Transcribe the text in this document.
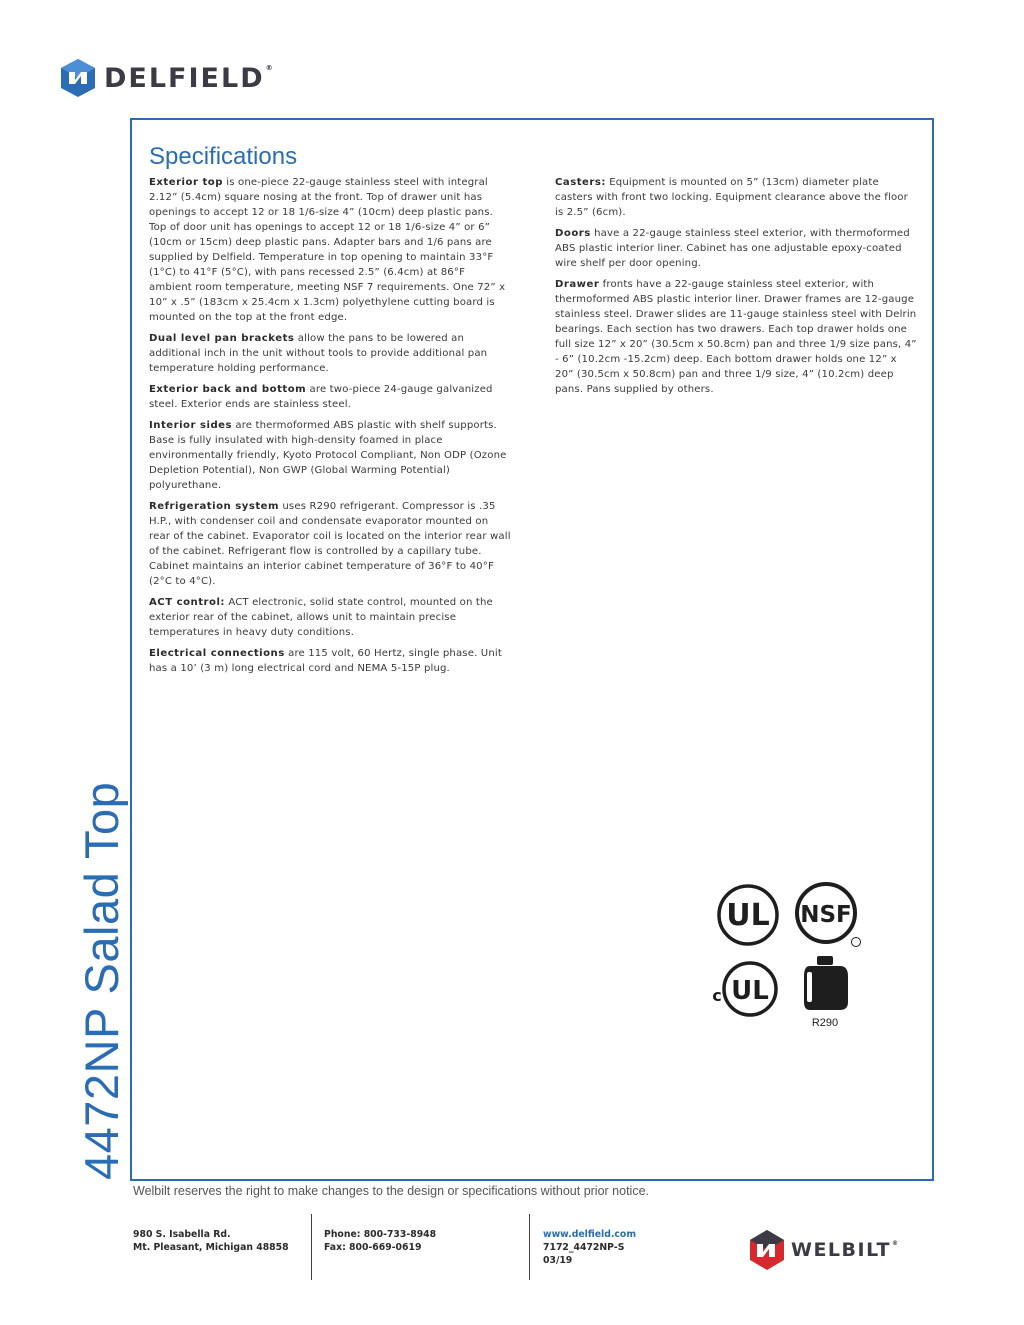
DELFIELD®
4472NP Salad Top
Specifications

Exterior top is one-piece 22-gauge stainless steel with integral 2.12” (5.4cm) square nosing at the front. Top of drawer unit has openings to accept 12 or 18 1/6-size 4” (10cm) deep plastic pans. Top of door unit has openings to accept 12 or 18 1/6-size 4” or 6” (10cm or 15cm) deep plastic pans. Adapter bars and 1/6 pans are supplied by Delfield. Temperature in top opening to maintain 33°F (1°C) to 41°F (5°C), with pans recessed 2.5” (6.4cm) at 86°F ambient room temperature, meeting NSF 7 requirements. One 72” x 10” x .5” (183cm x 25.4cm x 1.3cm) polyethylene cutting board is mounted on the top at the front edge.

Dual level pan brackets allow the pans to be lowered an additional inch in the unit without tools to provide additional pan temperature holding performance.

Exterior back and bottom are two-piece 24-gauge galvanized steel. Exterior ends are stainless steel.

Interior sides are thermoformed ABS plastic with shelf supports. Base is fully insulated with high-density foamed in place environmentally friendly, Kyoto Protocol Compliant, Non ODP (Ozone Depletion Potential), Non GWP (Global Warming Potential) polyurethane.

Refrigeration system uses R290 refrigerant. Compressor is .35 H.P., with condenser coil and condensate evaporator mounted on rear of the cabinet. Evaporator coil is located on the interior rear wall of the cabinet. Refrigerant flow is controlled by a capillary tube. Cabinet maintains an interior cabinet temperature of 36°F to 40°F (2°C to 4°C).

ACT control: ACT electronic, solid state control, mounted on the exterior rear of the cabinet, allows unit to maintain precise temperatures in heavy duty conditions.

Electrical connections are 115 volt, 60 Hertz, single phase. Unit has a 10’ (3 m) long electrical cord and NEMA 5-15P plug.

Casters: Equipment is mounted on 5” (13cm) diameter plate casters with front two locking. Equipment clearance above the floor is 2.5” (6cm).

Doors have a 22-gauge stainless steel exterior, with thermoformed ABS plastic interior liner. Cabinet has one adjustable epoxy-coated wire shelf per door opening.

Drawer fronts have a 22-gauge stainless steel exterior, with thermoformed ABS plastic interior liner. Drawer frames are 12-gauge stainless steel. Drawer slides are 11-gauge stainless steel with Delrin bearings. Each section has two drawers. Each top drawer holds one full size 12” x 20” (30.5cm x 50.8cm) pan and three 1/9 size pans, 4” - 6” (10.2cm -15.2cm) deep. Each bottom drawer holds one 12” x 20” (30.5cm x 50.8cm) pan and three 1/9 size, 4” (10.2cm) deep pans. Pans supplied by others.

UL NSF
UL
c
R290
Welbilt reserves the right to make changes to the design or specifications without prior notice.
980 S. Isabella Rd.
Mt. Pleasant, Michigan 48858
Phone: 800-733-8948
Fax: 800-669-0619
www.delfield.com
7172_4472NP-S
03/19	WELBILT®
